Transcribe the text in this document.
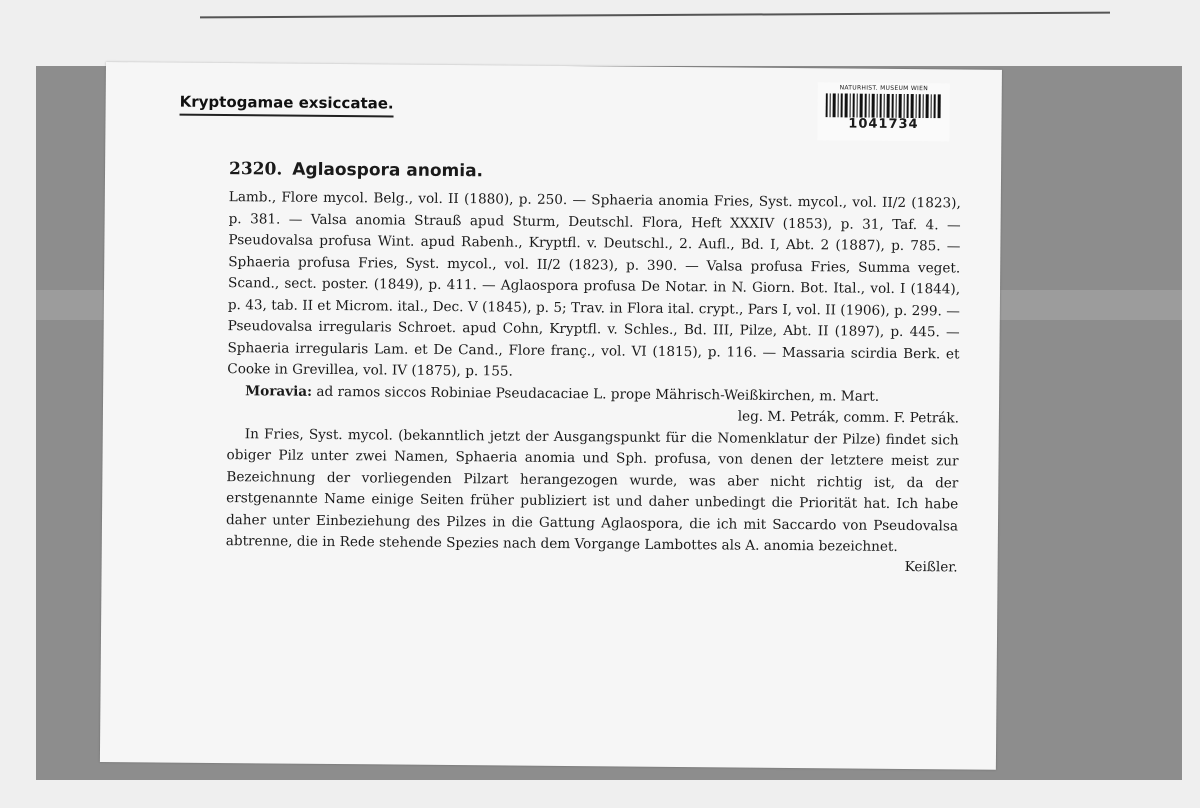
Kryptogamae exsiccatae.
NATURHIST. MUSEUM WIEN
1041734
2320. Aglaospora anomia.

Lamb., Flore mycol. Belg., vol. II (1880), p. 250. — Sphaeria anomia Fries, Syst. mycol., vol. II/2 (1823), p. 381. — Valsa anomia Strauß apud Sturm, Deutschl. Flora, Heft XXXIV (1853), p. 31, Taf. 4. — Pseudovalsa profusa Wint. apud Rabenh., Kryptfl. v. Deutschl., 2. Aufl., Bd. I, Abt. 2 (1887), p. 785. — Sphaeria profusa Fries, Syst. mycol., vol. II/2 (1823), p. 390. — Valsa profusa Fries, Summa veget. Scand., sect. poster. (1849), p. 411. — Aglaospora profusa De Notar. in N. Giorn. Bot. Ital., vol. I (1844), p. 43, tab. II et Microm. ital., Dec. V (1845), p. 5; Trav. in Flora ital. crypt., Pars I, vol. II (1906), p. 299. — Pseudovalsa irregularis Schroet. apud Cohn, Kryptfl. v. Schles., Bd. III, Pilze, Abt. II (1897), p. 445. — Sphaeria irregularis Lam. et De Cand., Flore franç., vol. VI (1815), p. 116. — Massaria scirdia Berk. et Cooke in Grevillea, vol. IV (1875), p. 155.

Moravia: ad ramos siccos Robiniae Pseudacaciae L. prope Mährisch-Weißkirchen, m. Mart.

leg. M. Petrák, comm. F. Petrák.

In Fries, Syst. mycol. (bekanntlich jetzt der Ausgangspunkt für die Nomenklatur der Pilze) findet sich obiger Pilz unter zwei Namen, Sphaeria anomia und Sph. profusa, von denen der letztere meist zur Bezeichnung der vorliegenden Pilzart herangezogen wurde, was aber nicht richtig ist, da der erstgenannte Name einige Seiten früher publiziert ist und daher unbedingt die Priorität hat. Ich habe daher unter Einbeziehung des Pilzes in die Gattung Aglaospora, die ich mit Saccardo von Pseudovalsa abtrenne, die in Rede stehende Spezies nach dem Vorgange Lambottes als A. anomia bezeichnet.

Keißler.
